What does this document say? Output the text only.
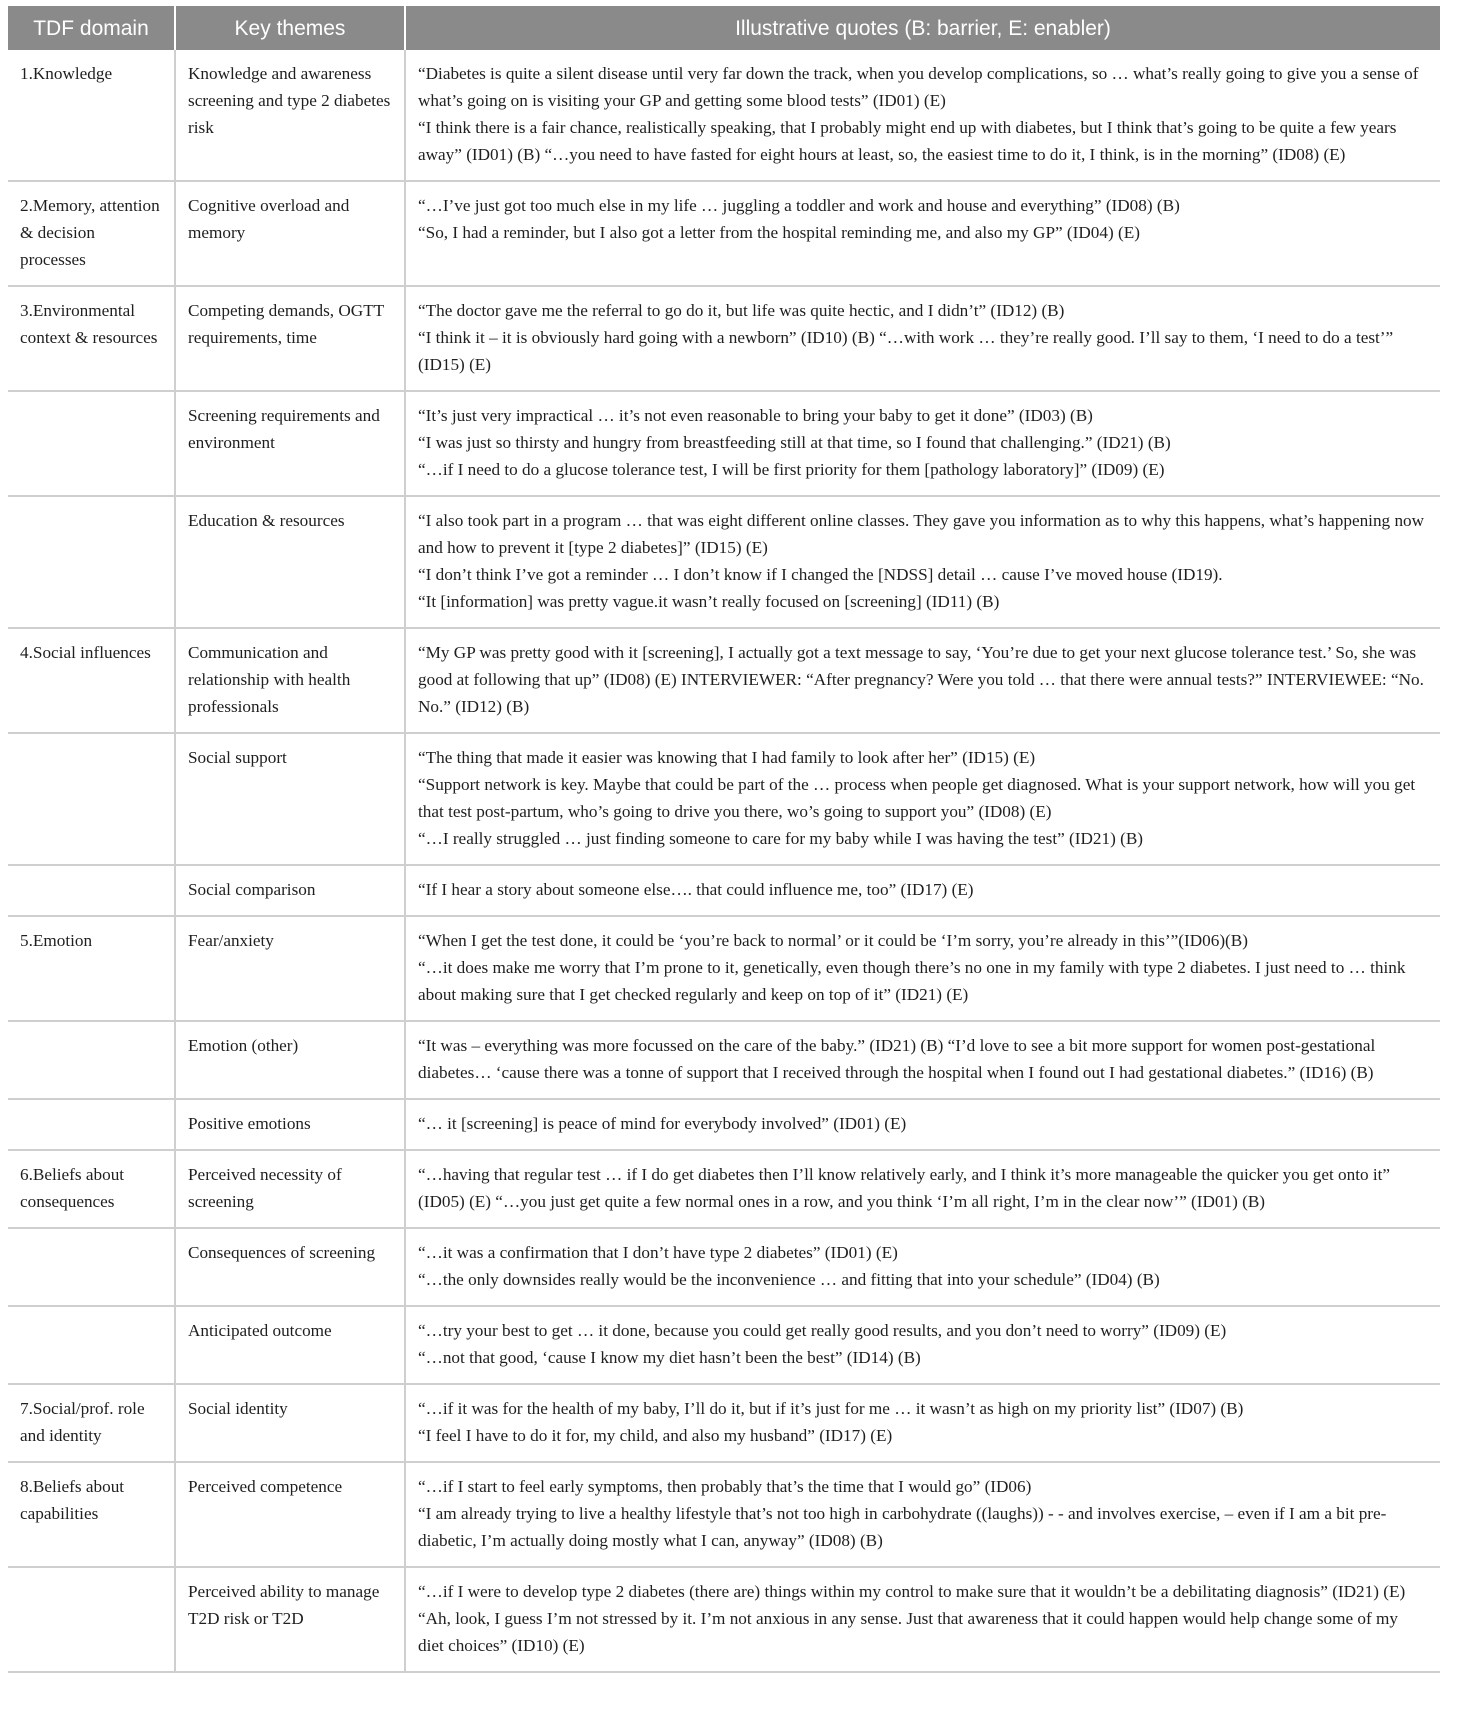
TDF domain	Key themes	Illustrative quotes (B: barrier, E: enabler)
1.Knowledge	Knowledge and awareness screening and type 2 diabetes risk	“Diabetes is quite a silent disease until very far down the track, when you develop complications, so … what’s really going to give you a sense of what’s going on is visiting your GP and getting some blood tests” (ID01) (E)
“I think there is a fair chance, realistically speaking, that I probably might end up with diabetes, but I think that’s going to be quite a few years away” (ID01) (B) “…you need to have fasted for eight hours at least, so, the easiest time to do it, I think, is in the morning” (ID08) (E)

2.Memory, attention & decision processes	Cognitive overload and memory	“…I’ve just got too much else in my life … juggling a toddler and work and house and everything” (ID08) (B)
“So, I had a reminder, but I also got a letter from the hospital reminding me, and also my GP” (ID04) (E)

3.Environmental context & resources	Competing demands, OGTT requirements, time	“The doctor gave me the referral to go do it, but life was quite hectic, and I didn’t” (ID12) (B)
“I think it – it is obviously hard going with a newborn” (ID10) (B) “…with work … they’re really good. I’ll say to them, ‘I need to do a test’” (ID15) (E)

	Screening requirements and environment	“It’s just very impractical … it’s not even reasonable to bring your baby to get it done” (ID03) (B)
“I was just so thirsty and hungry from breastfeeding still at that time, so I found that challenging.” (ID21) (B)
“…if I need to do a glucose tolerance test, I will be first priority for them [pathology laboratory]” (ID09) (E)

	Education & resources	“I also took part in a program … that was eight different online classes. They gave you information as to why this happens, what’s happening now and how to prevent it [type 2 diabetes]” (ID15) (E)
“I don’t think I’ve got a reminder … I don’t know if I changed the [NDSS] detail … cause I’ve moved house (ID19).
“It [information] was pretty vague.it wasn’t really focused on [screening] (ID11) (B)

4.Social influences	Communication and relationship with health professionals	“My GP was pretty good with it [screening], I actually got a text message to say, ‘You’re due to get your next glucose tolerance test.’ So, she was good at following that up” (ID08) (E) INTERVIEWER: “After pregnancy? Were you told … that there were annual tests?” INTERVIEWEE: “No. No.” (ID12) (B)

	Social support	“The thing that made it easier was knowing that I had family to look after her” (ID15) (E)
“Support network is key. Maybe that could be part of the … process when people get diagnosed. What is your support network, how will you get that test post-partum, who’s going to drive you there, wo’s going to support you” (ID08) (E)
“…I really struggled … just finding someone to care for my baby while I was having the test” (ID21) (B)

	Social comparison	“If I hear a story about someone else…. that could influence me, too” (ID17) (E)

5.Emotion	Fear/anxiety	“When I get the test done, it could be ‘you’re back to normal’ or it could be ‘I’m sorry, you’re already in this’”(ID06)(B)
“…it does make me worry that I’m prone to it, genetically, even though there’s no one in my family with type 2 diabetes. I just need to … think about making sure that I get checked regularly and keep on top of it” (ID21) (E)

	Emotion (other)	“It was – everything was more focussed on the care of the baby.” (ID21) (B) “I’d love to see a bit more support for women post-gestational diabetes… ‘cause there was a tonne of support that I received through the hospital when I found out I had gestational diabetes.” (ID16) (B)

	Positive emotions	“… it [screening] is peace of mind for everybody involved” (ID01) (E)

6.Beliefs about consequences	Perceived necessity of screening	“…having that regular test … if I do get diabetes then I’ll know relatively early, and I think it’s more manageable the quicker you get onto it” (ID05) (E) “…you just get quite a few normal ones in a row, and you think ‘I’m all right, I’m in the clear now’” (ID01) (B)

	Consequences of screening	“…it was a confirmation that I don’t have type 2 diabetes” (ID01) (E)
“…the only downsides really would be the inconvenience … and fitting that into your schedule” (ID04) (B)

	Anticipated outcome	“…try your best to get … it done, because you could get really good results, and you don’t need to worry” (ID09) (E)
“…not that good, ‘cause I know my diet hasn’t been the best” (ID14) (B)

7.Social/prof. role and identity	Social identity	“…if it was for the health of my baby, I’ll do it, but if it’s just for me … it wasn’t as high on my priority list” (ID07) (B)
“I feel I have to do it for, my child, and also my husband” (ID17) (E)

8.Beliefs about capabilities	Perceived competence	“…if I start to feel early symptoms, then probably that’s the time that I would go” (ID06)
“I am already trying to live a healthy lifestyle that’s not too high in carbohydrate ((laughs)) - - and involves exercise, – even if I am a bit pre-diabetic, I’m actually doing mostly what I can, anyway” (ID08) (B)

	Perceived ability to manage T2D risk or T2D	“…if I were to develop type 2 diabetes (there are) things within my control to make sure that it wouldn’t be a debilitating diagnosis” (ID21) (E) “Ah, look, I guess I’m not stressed by it. I’m not anxious in any sense. Just that awareness that it could happen would help change some of my diet choices” (ID10) (E)
